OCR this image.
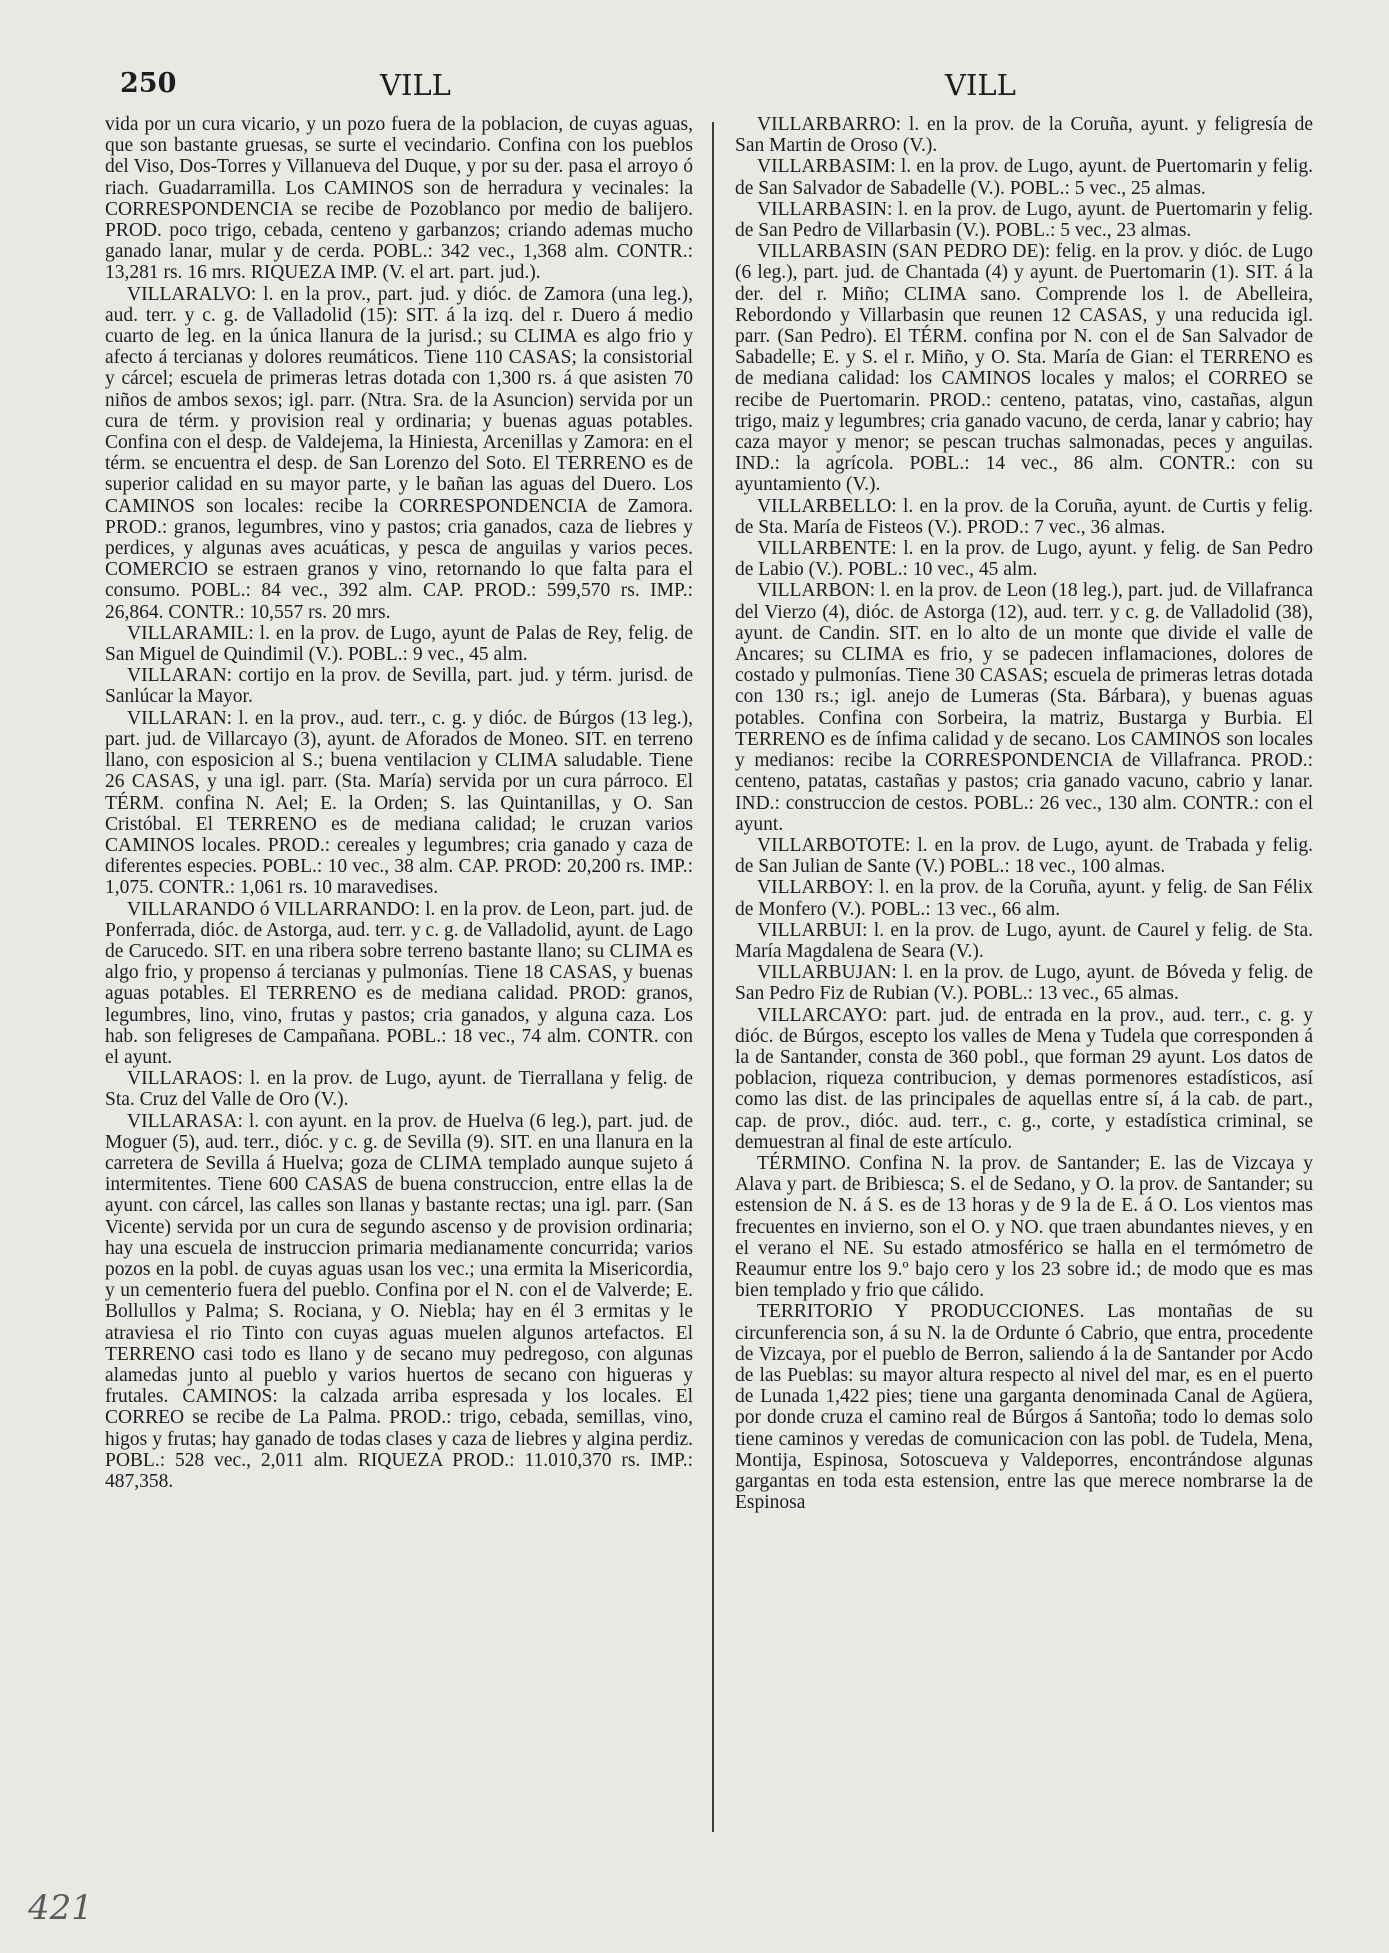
250	VILL	VILL

vida por un cura vicario, y un pozo fuera de la poblacion, de cuyas aguas, que son bastante gruesas, se surte el vecindario. Confina con los pueblos del Viso, Dos-Torres y Villanueva del Duque, y por su der. pasa el arroyo ó riach. Guadarramilla. Los CAMINOS son de herradura y vecinales: la CORRESPONDENCIA se recibe de Pozoblanco por medio de balijero. PROD. poco trigo, cebada, centeno y garbanzos; criando ademas mucho ganado lanar, mular y de cerda. POBL.: 342 vec., 1,368 alm. CONTR.: 13,281 rs. 16 mrs. RIQUEZA IMP. (V. el art. part. jud.).

VILLARALVO: l. en la prov., part. jud. y dióc. de Zamora (una leg.), aud. terr. y c. g. de Valladolid (15): SIT. á la izq. del r. Duero á medio cuarto de leg. en la única llanura de la jurisd.; su CLIMA es algo frio y afecto á tercianas y dolores reumáticos. Tiene 110 CASAS; la consistorial y cárcel; escuela de primeras letras dotada con 1,300 rs. á que asisten 70 niños de ambos sexos; igl. parr. (Ntra. Sra. de la Asuncion) servida por un cura de térm. y provision real y ordinaria; y buenas aguas potables. Confina con el desp. de Valdejema, la Hiniesta, Arcenillas y Zamora: en el térm. se encuentra el desp. de San Lorenzo del Soto. El TERRENO es de superior calidad en su mayor parte, y le bañan las aguas del Duero. Los CAMINOS son locales: recibe la CORRESPONDENCIA de Zamora. PROD.: granos, legumbres, vino y pastos; cria ganados, caza de liebres y perdices, y algunas aves acuáticas, y pesca de anguilas y varios peces. COMERCIO se estraen granos y vino, retornando lo que falta para el consumo. POBL.: 84 vec., 392 alm. CAP. PROD.: 599,570 rs. IMP.: 26,864. CONTR.: 10,557 rs. 20 mrs.

VILLARAMIL: l. en la prov. de Lugo, ayunt de Palas de Rey, felig. de San Miguel de Quindimil (V.). POBL.: 9 vec., 45 alm.

VILLARAN: cortijo en la prov. de Sevilla, part. jud. y térm. jurisd. de Sanlúcar la Mayor.

VILLARAN: l. en la prov., aud. terr., c. g. y dióc. de Búrgos (13 leg.), part. jud. de Villarcayo (3), ayunt. de Aforados de Moneo. SIT. en terreno llano, con esposicion al S.; buena ventilacion y CLIMA saludable. Tiene 26 CASAS, y una igl. parr. (Sta. María) servida por un cura párroco. El TÉRM. confina N. Ael; E. la Orden; S. las Quintanillas, y O. San Cristóbal. El TERRENO es de mediana calidad; le cruzan varios CAMINOS locales. PROD.: cereales y legumbres; cria ganado y caza de diferentes especies. POBL.: 10 vec., 38 alm. CAP. PROD: 20,200 rs. IMP.: 1,075. CONTR.: 1,061 rs. 10 maravedises.

VILLARANDO ó VILLARRANDO: l. en la prov. de Leon, part. jud. de Ponferrada, dióc. de Astorga, aud. terr. y c. g. de Valladolid, ayunt. de Lago de Carucedo. SIT. en una ribera sobre terreno bastante llano; su CLIMA es algo frio, y propenso á tercianas y pulmonías. Tiene 18 CASAS, y buenas aguas potables. El TERRENO es de mediana calidad. PROD: granos, legumbres, lino, vino, frutas y pastos; cria ganados, y alguna caza. Los hab. son feligreses de Campañana. POBL.: 18 vec., 74 alm. CONTR. con el ayunt.

VILLARAOS: l. en la prov. de Lugo, ayunt. de Tierrallana y felig. de Sta. Cruz del Valle de Oro (V.).

VILLARASA: l. con ayunt. en la prov. de Huelva (6 leg.), part. jud. de Moguer (5), aud. terr., dióc. y c. g. de Sevilla (9). SIT. en una llanura en la carretera de Sevilla á Huelva; goza de CLIMA templado aunque sujeto á intermitentes. Tiene 600 CASAS de buena construccion, entre ellas la de ayunt. con cárcel, las calles son llanas y bastante rectas; una igl. parr. (San Vicente) servida por un cura de segundo ascenso y de provision ordinaria; hay una escuela de instruccion primaria medianamente concurrida; varios pozos en la pobl. de cuyas aguas usan los vec.; una ermita la Misericordia, y un cementerio fuera del pueblo. Confina por el N. con el de Valverde; E. Bollullos y Palma; S. Rociana, y O. Niebla; hay en él 3 ermitas y le atraviesa el rio Tinto con cuyas aguas muelen algunos artefactos. El TERRENO casi todo es llano y de secano muy pedregoso, con algunas alamedas junto al pueblo y varios huertos de secano con higueras y frutales. CAMINOS: la calzada arriba espresada y los locales. El CORREO se recibe de La Palma. PROD.: trigo, cebada, semillas, vino, higos y frutas; hay ganado de todas clases y caza de liebres y algina perdiz. POBL.: 528 vec., 2,011 alm. RIQUEZA PROD.: 11.010,370 rs. IMP.: 487,358.

VILLARBARRO: l. en la prov. de la Coruña, ayunt. y feligresía de San Martin de Oroso (V.).

VILLARBASIM: l. en la prov. de Lugo, ayunt. de Puertomarin y felig. de San Salvador de Sabadelle (V.). POBL.: 5 vec., 25 almas.

VILLARBASIN: l. en la prov. de Lugo, ayunt. de Puertomarin y felig. de San Pedro de Villarbasin (V.). POBL.: 5 vec., 23 almas.

VILLARBASIN (SAN PEDRO DE): felig. en la prov. y dióc. de Lugo (6 leg.), part. jud. de Chantada (4) y ayunt. de Puertomarin (1). SIT. á la der. del r. Miño; CLIMA sano. Comprende los l. de Abelleira, Rebordondo y Villarbasin que reunen 12 CASAS, y una reducida igl. parr. (San Pedro). El TÉRM. confina por N. con el de San Salvador de Sabadelle; E. y S. el r. Miño, y O. Sta. María de Gian: el TERRENO es de mediana calidad: los CAMINOS locales y malos; el CORREO se recibe de Puertomarin. PROD.: centeno, patatas, vino, castañas, algun trigo, maiz y legumbres; cria ganado vacuno, de cerda, lanar y cabrio; hay caza mayor y menor; se pescan truchas salmonadas, peces y anguilas. IND.: la agrícola. POBL.: 14 vec., 86 alm. CONTR.: con su ayuntamiento (V.).

VILLARBELLO: l. en la prov. de la Coruña, ayunt. de Curtis y felig. de Sta. María de Fisteos (V.). PROD.: 7 vec., 36 almas.

VILLARBENTE: l. en la prov. de Lugo, ayunt. y felig. de San Pedro de Labio (V.). POBL.: 10 vec., 45 alm.

VILLARBON: l. en la prov. de Leon (18 leg.), part. jud. de Villafranca del Vierzo (4), dióc. de Astorga (12), aud. terr. y c. g. de Valladolid (38), ayunt. de Candin. SIT. en lo alto de un monte que divide el valle de Ancares; su CLIMA es frio, y se padecen inflamaciones, dolores de costado y pulmonías. Tiene 30 CASAS; escuela de primeras letras dotada con 130 rs.; igl. anejo de Lumeras (Sta. Bárbara), y buenas aguas potables. Confina con Sorbeira, la matriz, Bustarga y Burbia. El TERRENO es de ínfima calidad y de secano. Los CAMINOS son locales y medianos: recibe la CORRESPONDENCIA de Villafranca. PROD.: centeno, patatas, castañas y pastos; cria ganado vacuno, cabrio y lanar. IND.: construccion de cestos. POBL.: 26 vec., 130 alm. CONTR.: con el ayunt.

VILLARBOTOTE: l. en la prov. de Lugo, ayunt. de Trabada y felig. de San Julian de Sante (V.) POBL.: 18 vec., 100 almas.

VILLARBOY: l. en la prov. de la Coruña, ayunt. y felig. de San Félix de Monfero (V.). POBL.: 13 vec., 66 alm.

VILLARBUI: l. en la prov. de Lugo, ayunt. de Caurel y felig. de Sta. María Magdalena de Seara (V.).

VILLARBUJAN: l. en la prov. de Lugo, ayunt. de Bóveda y felig. de San Pedro Fiz de Rubian (V.). POBL.: 13 vec., 65 almas.

VILLARCAYO: part. jud. de entrada en la prov., aud. terr., c. g. y dióc. de Búrgos, escepto los valles de Mena y Tudela que corresponden á la de Santander, consta de 360 pobl., que forman 29 ayunt. Los datos de poblacion, riqueza contribucion, y demas pormenores estadísticos, así como las dist. de las principales de aquellas entre sí, á la cab. de part., cap. de prov., dióc. aud. terr., c. g., corte, y estadística criminal, se demuestran al final de este artículo.

TÉRMINO. Confina N. la prov. de Santander; E. las de Vizcaya y Alava y part. de Bribiesca; S. el de Sedano, y O. la prov. de Santander; su estension de N. á S. es de 13 horas y de 9 la de E. á O. Los vientos mas frecuentes en invierno, son el O. y NO. que traen abundantes nieves, y en el verano el NE. Su estado atmosférico se halla en el termómetro de Reaumur entre los 9.º bajo cero y los 23 sobre id.; de modo que es mas bien templado y frio que cálido.

TERRITORIO Y PRODUCCIONES. Las montañas de su circunferencia son, á su N. la de Ordunte ó Cabrio, que entra, procedente de Vizcaya, por el pueblo de Berron, saliendo á la de Santander por Acdo de las Pueblas: su mayor altura respecto al nivel del mar, es en el puerto de Lunada 1,422 pies; tiene una garganta denominada Canal de Agüera, por donde cruza el camino real de Búrgos á Santoña; todo lo demas solo tiene caminos y veredas de comunicacion con las pobl. de Tudela, Mena, Montija, Espinosa, Sotoscueva y Valdeporres, encontrándose algunas gargantas en toda esta estension, entre las que merece nombrarse la de Espinosa

421
